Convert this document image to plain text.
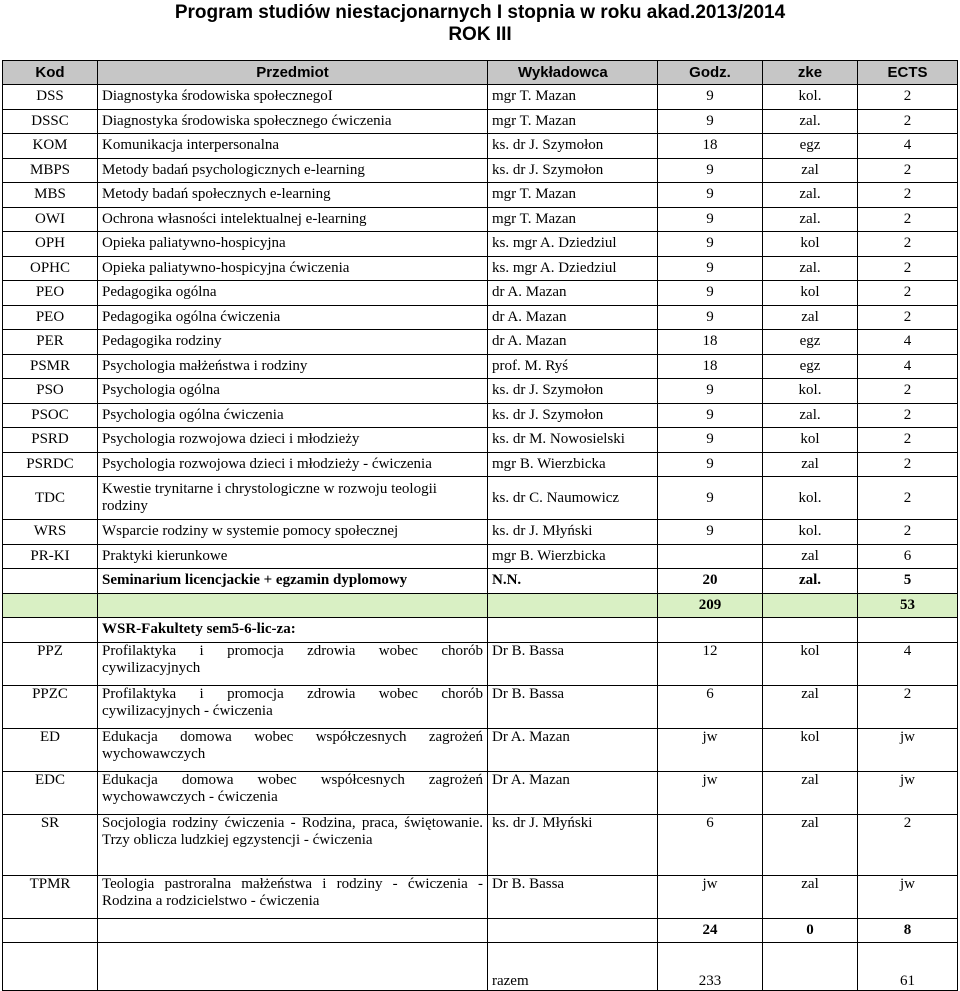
Program studiów niestacjonarnych I stopnia w roku akad.2013/2014
ROK III
Kod	Przedmiot	Wykładowca	Godz.	zke	ECTS
DSS	Diagnostyka środowiska społecznegoI	mgr T. Mazan	9	kol.	2
DSSC	Diagnostyka środowiska społecznego ćwiczenia	mgr T. Mazan	9	zal.	2
KOM	Komunikacja interpersonalna	ks. dr J. Szymołon	18	egz	4
MBPS	Metody badań psychologicznych e-learning	ks. dr J. Szymołon	9	zal	2
MBS	Metody badań społecznych e-learning	mgr T. Mazan	9	zal.	2
OWI	Ochrona własności intelektualnej e-learning	mgr T. Mazan	9	zal.	2
OPH	Opieka paliatywno-hospicyjna	ks. mgr A. Dziedziul	9	kol	2
OPHC	Opieka paliatywno-hospicyjna ćwiczenia	ks. mgr A. Dziedziul	9	zal.	2
PEO	Pedagogika ogólna	dr A. Mazan	9	kol	2
PEO	Pedagogika ogólna ćwiczenia	dr A. Mazan	9	zal	2
PER	Pedagogika rodziny	dr A. Mazan	18	egz	4
PSMR	Psychologia małżeństwa i rodziny	prof. M. Ryś	18	egz	4
PSO	Psychologia ogólna	ks. dr J. Szymołon	9	kol.	2
PSOC	Psychologia ogólna ćwiczenia	ks. dr J. Szymołon	9	zal.	2
PSRD	Psychologia rozwojowa dzieci i młodzieży	ks. dr M. Nowosielski	9	kol	2
PSRDC	Psychologia rozwojowa dzieci i młodzieży - ćwiczenia	mgr B. Wierzbicka	9	zal	2
TDC	Kwestie trynitarne i chrystologiczne w rozwoju teologii rodziny	ks. dr C. Naumowicz	9	kol.	2
WRS	Wsparcie rodziny w systemie pomocy społecznej	ks. dr J. Młyński	9	kol.	2
PR-KI	Praktyki kierunkowe	mgr B. Wierzbicka		zal	6
	Seminarium licencjackie + egzamin dyplomowy	N.N.	20	zal.	5
			209		53
	WSR-Fakultety sem5-6-lic-za:				
PPZ	Profilaktyka i promocja zdrowia wobec chorób cywilizacyjnych	Dr B. Bassa	12	kol	4
PPZC	Profilaktyka i promocja zdrowia wobec chorób cywilizacyjnych - ćwiczenia	Dr B. Bassa	6	zal	2
ED	Edukacja domowa wobec współczesnych zagrożeń wychowawczych	Dr A. Mazan	jw	kol	jw
EDC	Edukacja domowa wobec współcesnych zagrożeń wychowawczych - ćwiczenia	Dr A. Mazan	jw	zal	jw
SR	Socjologia rodziny ćwiczenia - Rodzina, praca, świętowanie. Trzy oblicza ludzkiej egzystencji - ćwiczenia	ks. dr J. Młyński	6	zal	2
TPMR	Teologia pastroralna małżeństwa i rodziny - ćwiczenia - Rodzina a rodzicielstwo - ćwiczenia	Dr B. Bassa	jw	zal	jw
			24	0	8
		razem	233		61
